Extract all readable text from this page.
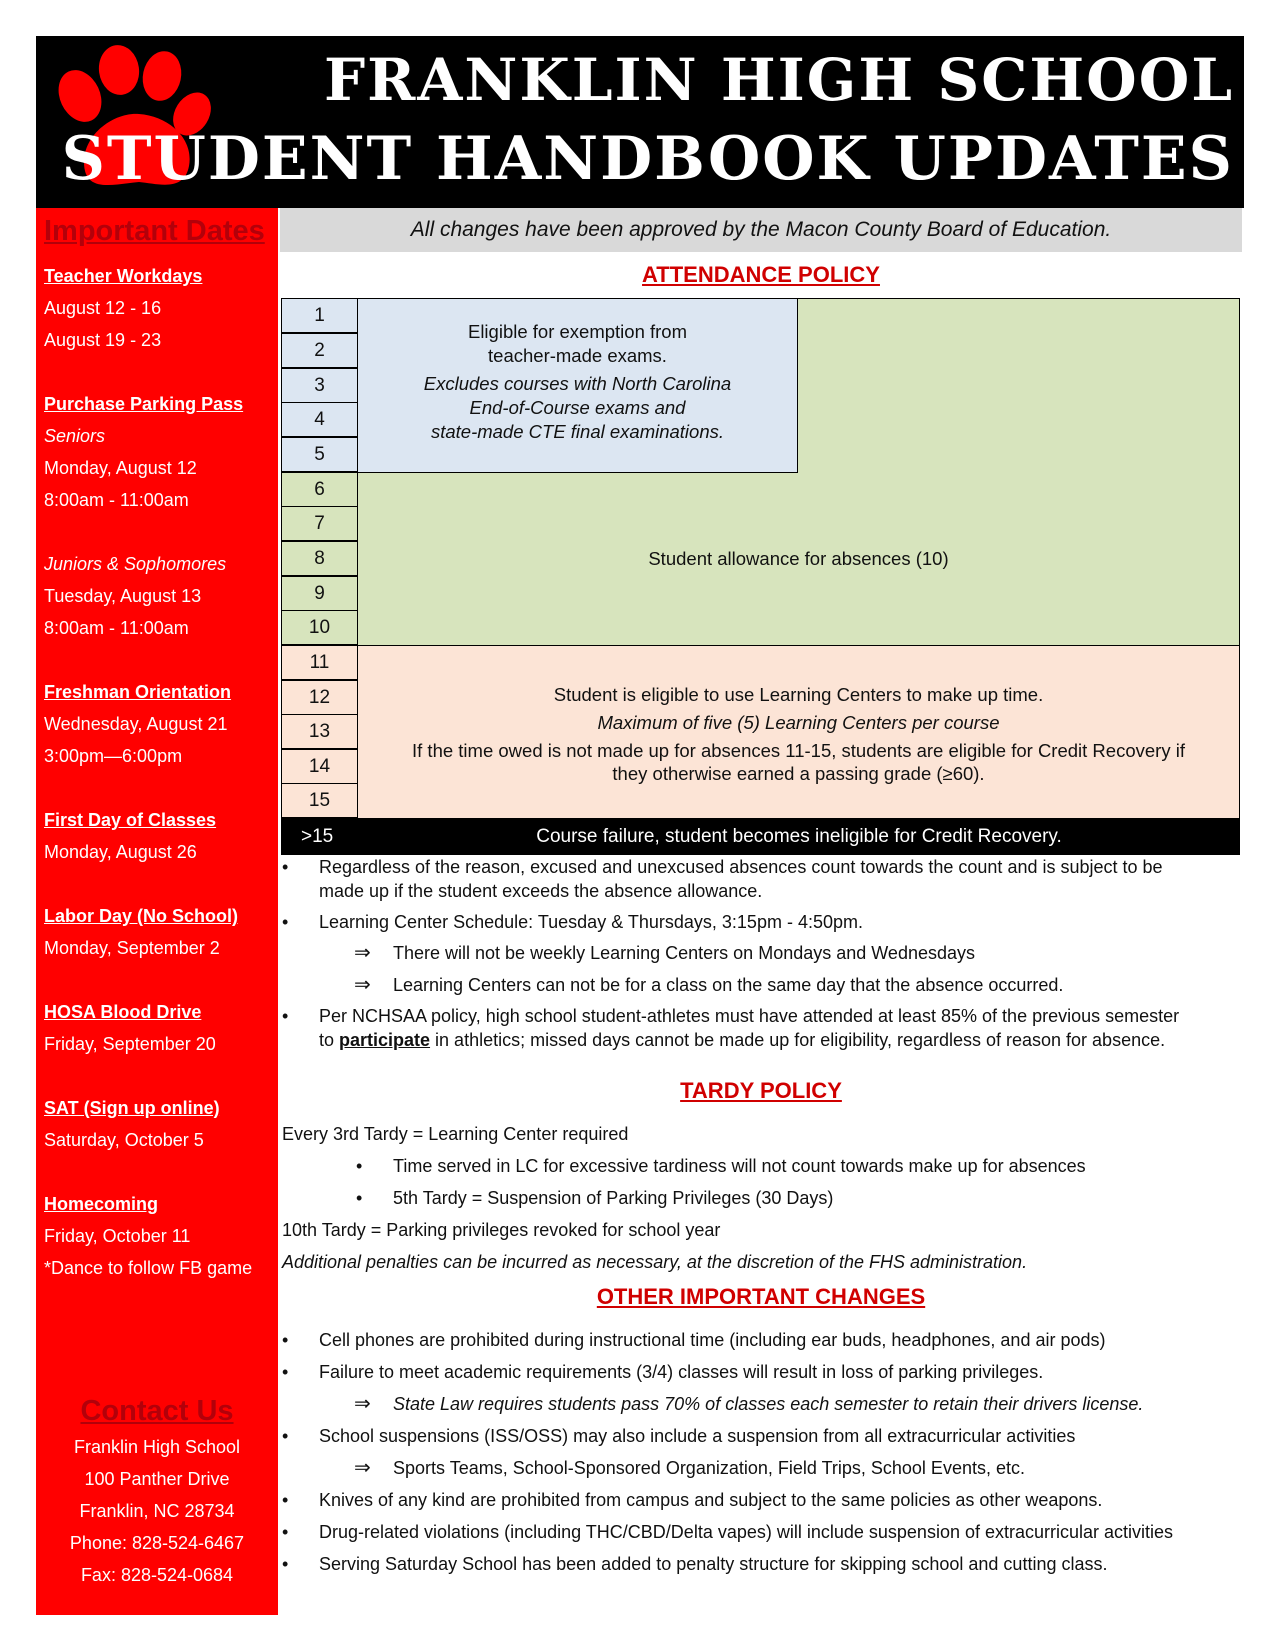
FRANKLIN HIGH SCHOOL
STUDENT HANDBOOK UPDATES
Important Dates
Teacher Workdays
August 12 - 16
August 19 - 23
Purchase Parking Pass
Seniors
Monday, August 12
8:00am - 11:00am

Juniors & Sophomores
Tuesday, August 13
8:00am - 11:00am
Freshman Orientation
Wednesday, August 21
3:00pm—6:00pm
First Day of Classes
Monday, August 26
Labor Day (No School)
Monday, September 2
HOSA Blood Drive
Friday, September 20
SAT (Sign up online)
Saturday, October 5
Homecoming
Friday, October 11
*Dance to follow FB game
Contact Us
Franklin High School
100 Panther Drive
Franklin, NC 28734
Phone: 828-524-6467
Fax: 828-524-0684
All changes have been approved by the Macon County Board of Education.
ATTENDANCE POLICY
1
2
3
4
5
6
7
8
9
10
11
12
13
14
15
Eligible for exemption from
teacher-made exams.
Excludes courses with North Carolina
End-of-Course exams and
state-made CTE final examinations.
Student allowance for absences (10)
Student is eligible to use Learning Centers to make up time.
Maximum of five (5) Learning Centers per course
If the time owed is not made up for absences 11-15, students are eligible for Credit Recovery if
they otherwise earned a passing grade (≥60).
>15	Course failure, student becomes ineligible for Credit Recovery.
• Regardless of the reason, excused and unexcused absences count towards the count and is subject to be
made up if the student exceeds the absence allowance.
• Learning Center Schedule: Tuesday & Thursdays, 3:15pm - 4:50pm.
⇒ There will not be weekly Learning Centers on Mondays and Wednesdays
⇒ Learning Centers can not be for a class on the same day that the absence occurred.
• Per NCHSAA policy, high school student-athletes must have attended at least 85% of the previous semester
to participate in athletics; missed days cannot be made up for eligibility, regardless of reason for absence.
TARDY POLICY
Every 3rd Tardy = Learning Center required
• Time served in LC for excessive tardiness will not count towards make up for absences
• 5th Tardy = Suspension of Parking Privileges (30 Days)
10th Tardy = Parking privileges revoked for school year
Additional penalties can be incurred as necessary, at the discretion of the FHS administration.
OTHER IMPORTANT CHANGES
• Cell phones are prohibited during instructional time (including ear buds, headphones, and air pods)
• Failure to meet academic requirements (3/4) classes will result in loss of parking privileges.
⇒ State Law requires students pass 70% of classes each semester to retain their drivers license.
• School suspensions (ISS/OSS) may also include a suspension from all extracurricular activities
⇒ Sports Teams, School-Sponsored Organization, Field Trips, School Events, etc.
• Knives of any kind are prohibited from campus and subject to the same policies as other weapons.
• Drug-related violations (including THC/CBD/Delta vapes) will include suspension of extracurricular activities
• Serving Saturday School has been added to penalty structure for skipping school and cutting class.
